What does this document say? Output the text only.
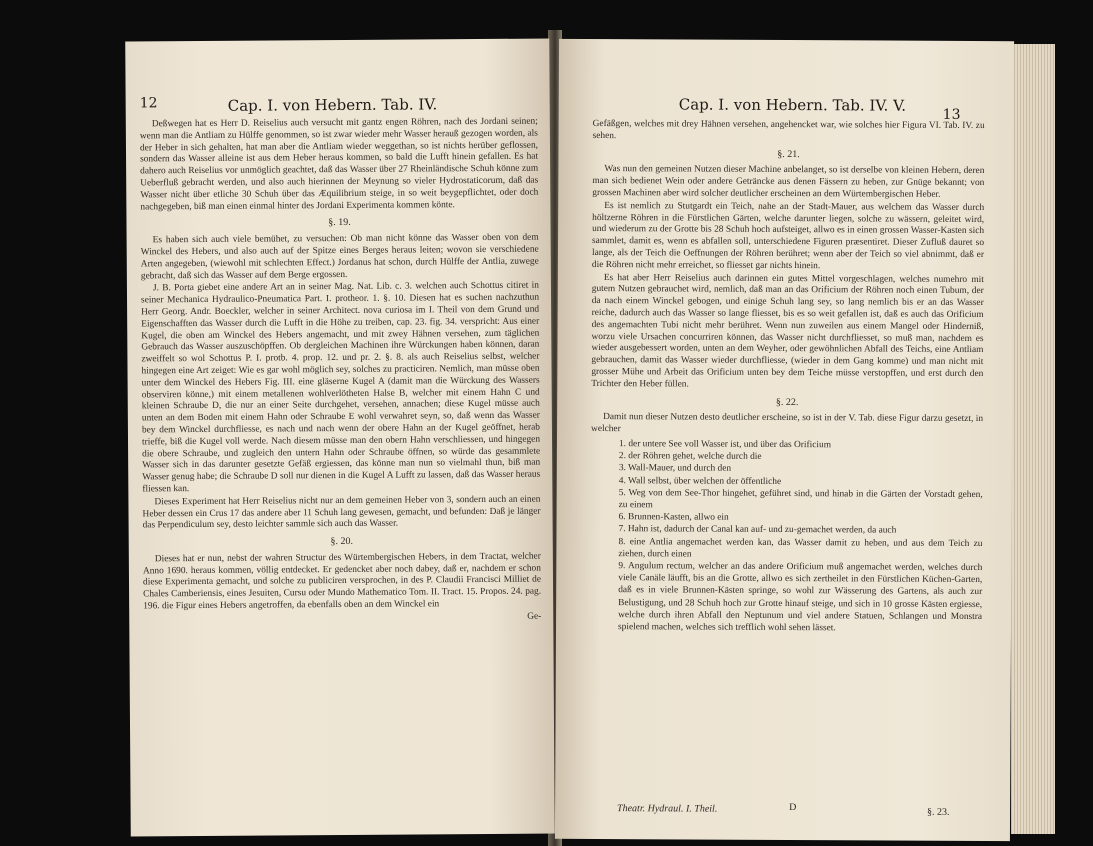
12	Cap. I. von Hebern. Tab. IV.

Deßwegen hat es Herr D. Reiselius auch versucht mit gantz engen Röhren, nach des Jordani seinen; wenn man die Antliam zu Hülffe genommen, so ist zwar wieder mehr Wasser herauß gezogen worden, als der Heber in sich gehalten, hat man aber die Antliam wieder weggethan, so ist nichts herüber geflossen, sondern das Wasser alleine ist aus dem Heber heraus kommen, so bald die Lufft hinein gefallen. Es hat dahero auch Reiselius vor unmöglich geachtet, daß das Wasser über 27 Rheinländische Schuh könne zum Ueberfluß gebracht werden, und also auch hierinnen der Meynung so vieler Hydrostaticorum, daß das Wasser nicht über etliche 30 Schuh über das Æquilibrium steige, in so weit beygepflichtet, oder doch nachgegeben, biß man einen einmal hinter des Jordani Experimenta kommen könte.

§. 19.

Es haben sich auch viele bemühet, zu versuchen: Ob man nicht könne das Wasser oben von dem Winckel des Hebers, und also auch auf der Spitze eines Berges heraus leiten; wovon sie verschiedene Arten angegeben, (wiewohl mit schlechten Effect.) Jordanus hat schon, durch Hülffe der Antlia, zuwege gebracht, daß sich das Wasser auf dem Berge ergossen.

J. B. Porta giebet eine andere Art an in seiner Mag. Nat. Lib. c. 3. welchen auch Schottus citiret in seiner Mechanica Hydraulico-Pneumatica Part. I. protheor. 1. §. 10. Diesen hat es suchen nachzuthun Herr Georg. Andr. Boeckler, welcher in seiner Architect. nova curiosa im I. Theil von dem Grund und Eigenschafften das Wasser durch die Lufft in die Höhe zu treiben, cap. 23. fig. 34. verspricht: Aus einer Kugel, die oben am Winckel des Hebers angemacht, und mit zwey Hähnen versehen, zum täglichen Gebrauch das Wasser auszuschöpffen. Ob dergleichen Machinen ihre Würckungen haben können, daran zweiffelt so wol Schottus P. I. protb. 4. prop. 12. und pr. 2. §. 8. als auch Reiselius selbst, welcher hingegen eine Art zeiget: Wie es gar wohl möglich sey, solches zu practiciren. Nemlich, man müsse oben unter dem Winckel des Hebers Fig. III. eine gläserne Kugel A (damit man die Würckung des Wassers observiren könne,) mit einem metallenen wohlverlötheten Halse B, welcher mit einem Hahn C und kleinen Schraube D, die nur an einer Seite durchgehet, versehen, annachen; diese Kugel müsse auch unten an dem Boden mit einem Hahn oder Schraube E wohl verwahret seyn, so, daß wenn das Wasser bey dem Winckel durchfliesse, es nach und nach wenn der obere Hahn an der Kugel geöffnet, herab trieffe, biß die Kugel voll werde. Nach diesem müsse man den obern Hahn verschliessen, und hingegen die obere Schraube, und zugleich den untern Hahn oder Schraube öffnen, so würde das gesammlete Wasser sich in das darunter gesetzte Gefäß ergiessen, das könne man nun so vielmahl thun, biß man Wasser genug habe; die Schraube D soll nur dienen in die Kugel A Lufft zu lassen, daß das Wasser heraus fliessen kan.

Dieses Experiment hat Herr Reiselius nicht nur an dem gemeinen Heber von 3, sondern auch an einen Heber dessen ein Crus 17 das andere aber 11 Schuh lang gewesen, gemacht, und befunden: Daß je länger das Perpendiculum sey, desto leichter sammle sich auch das Wasser.

§. 20.

Dieses hat er nun, nebst der wahren Structur des Würtembergischen Hebers, in dem Tractat, welcher Anno 1690. heraus kommen, völlig entdecket. Er gedencket aber noch dabey, daß er, nachdem er schon diese Experimenta gemacht, und solche zu publiciren versprochen, in des P. Claudii Francisci Milliet de Chales Camberiensis, eines Jesuiten, Cursu oder Mundo Mathematico Tom. II. Tract. 15. Propos. 24. pag. 196. die Figur eines Hebers angetroffen, da ebenfalls oben an dem Winckel ein

Ge-
Cap. I. von Hebern. Tab. IV. V.
13

Gefäßgen, welches mit drey Hähnen versehen, angehencket war, wie solches hier Figura VI. Tab. IV. zu sehen.

§. 21.

Was nun den gemeinen Nutzen dieser Machine anbelanget, so ist derselbe von kleinen Hebern, deren man sich bedienet Wein oder andere Geträncke aus denen Fässern zu heben, zur Gnüge bekannt; von grossen Machinen aber wird solcher deutlicher erscheinen an dem Würtembergischen Heber.

Es ist nemlich zu Stutgardt ein Teich, nahe an der Stadt-Mauer, aus welchem das Wasser durch höltzerne Röhren in die Fürstlichen Gärten, welche darunter liegen, solche zu wässern, geleitet wird, und wiederum zu der Grotte bis 28 Schuh hoch aufsteiget, allwo es in einen grossen Wasser-Kasten sich sammlet, damit es, wenn es abfallen soll, unterschiedene Figuren præsentiret. Dieser Zufluß dauret so lange, als der Teich die Oeffnungen der Röhren berühret; wenn aber der Teich so viel abnimmt, daß er die Röhren nicht mehr erreichet, so fliesset gar nichts hinein.

Es hat aber Herr Reiselius auch darinnen ein gutes Mittel vorgeschlagen, welches numehro mit gutem Nutzen gebrauchet wird, nemlich, daß man an das Orificium der Röhren noch einen Tubum, der da nach einem Winckel gebogen, und einige Schuh lang sey, so lang nemlich bis er an das Wasser reiche, dadurch auch das Wasser so lange fliesset, bis es so weit gefallen ist, daß es auch das Orificium des angemachten Tubi nicht mehr berühret. Wenn nun zuweilen aus einem Mangel oder Hinderniß, worzu viele Ursachen concurriren können, das Wasser nicht durchfliesset, so muß man, nachdem es wieder ausgebessert worden, unten an dem Weyher, oder gewöhnlichen Abfall des Teichs, eine Antliam gebrauchen, damit das Wasser wieder durchfliesse, (wieder in dem Gang komme) und man nicht mit grosser Mühe und Arbeit das Orificium unten bey dem Teiche müsse verstopffen, und erst durch den Trichter den Heber füllen.

§. 22.

Damit nun dieser Nutzen desto deutlicher erscheine, so ist in der V. Tab. diese Figur darzu gesetzt, in welcher

1. der untere See voll Wasser ist, und über das Orificium
2. der Röhren gehet, welche durch die
3. Wall-Mauer, und durch den
4. Wall selbst, über welchen der öffentliche
5. Weg von dem See-Thor hingehet, geführet sind, und hinab in die Gärten der Vorstadt gehen, zu einem
6. Brunnen-Kasten, allwo ein
7. Hahn ist, dadurch der Canal kan auf- und zu-gemachet werden, da auch
8. eine Antlia angemachet werden kan, das Wasser damit zu heben, und aus dem Teich zu ziehen, durch einen
9. Angulum rectum, welcher an das andere Orificium muß angemachet werden, welches durch viele Canäle läufft, bis an die Grotte, allwo es sich zertheilet in den Fürstlichen Küchen-Garten, daß es in viele Brunnen-Kästen springe, so wohl zur Wässerung des Gartens, als auch zur Belustigung, und 28 Schuh hoch zur Grotte hinauf steige, und sich in 10 grosse Kästen ergiesse, welche durch ihren Abfall den Neptunum und viel andere Statuen, Schlangen und Monstra spielend machen, welches sich trefflich wohl sehen lässet.
Theatr. Hydraul. I. Theil.	D	§. 23.
